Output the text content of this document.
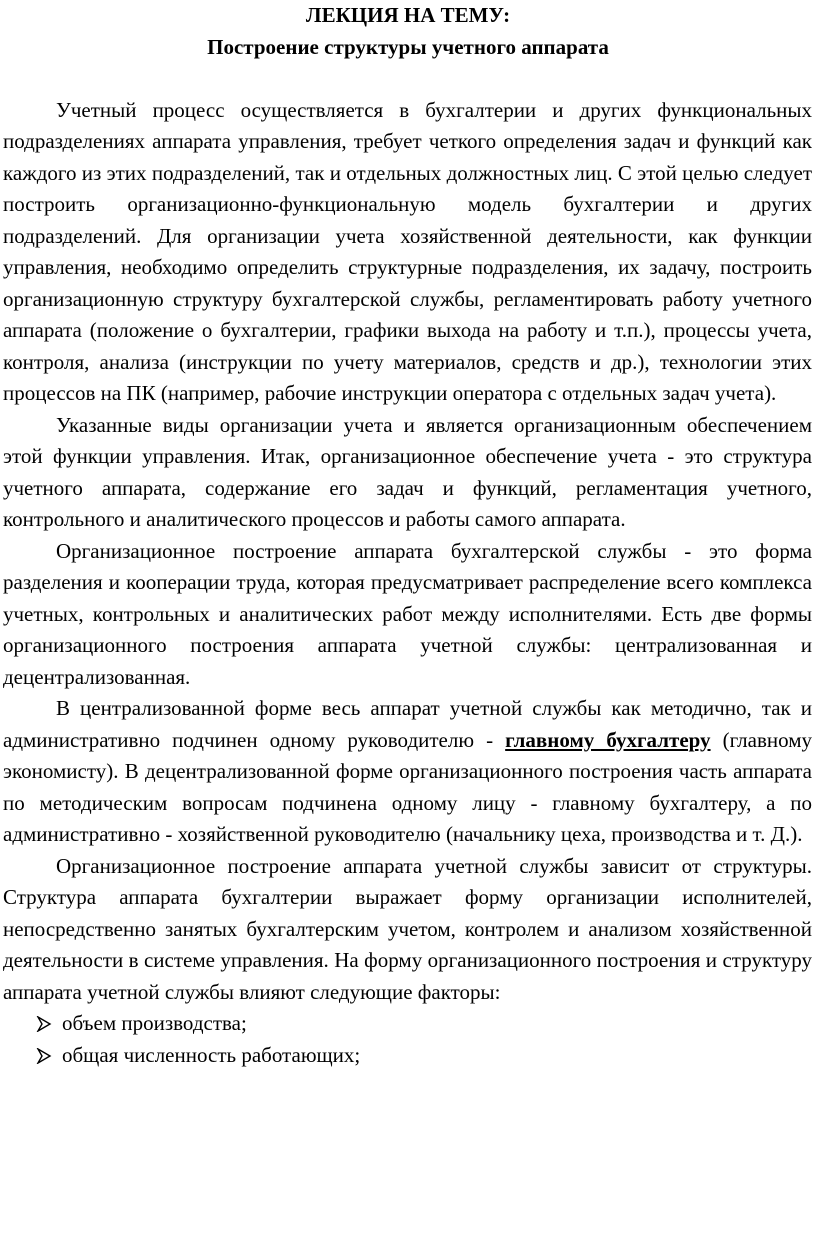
ЛЕКЦИЯ НА ТЕМУ:

Построение структуры учетного аппарата

Учетный процесс осуществляется в бухгалтерии и других функциональных подразделениях аппарата управления, требует четкого определения задач и функций как каждого из этих подразделений, так и отдельных должностных лиц. С этой целью следует построить организационно-функциональную модель бухгалтерии и других подразделений. Для организации учета хозяйственной деятельности, как функции управления, необходимо определить структурные подразделения, их задачу, построить организационную структуру бухгалтерской службы, регламентировать работу учетного аппарата (положение о бухгалтерии, графики выхода на работу и т.п.), процессы учета, контроля, анализа (инструкции по учету материалов, средств и др.), технологии этих процессов на ПК (например, рабочие инструкции оператора с отдельных задач учета).

Указанные виды организации учета и является организационным обеспечением этой функции управления. Итак, организационное обеспечение учета - это структура учетного аппарата, содержание его задач и функций, регламентация учетного, контрольного и аналитического процессов и работы самого аппарата.

Организационное построение аппарата бухгалтерской службы - это форма разделения и кооперации труда, которая предусматривает распределение всего комплекса учетных, контрольных и аналитических работ между исполнителями. Есть две формы организационного построения аппарата учетной службы: централизованная и децентрализованная.

В централизованной форме весь аппарат учетной службы как методично, так и административно подчинен одному руководителю - главному бухгалтеру (главному экономисту). В децентрализованной форме организационного построения часть аппарата по методическим вопросам подчинена одному лицу - главному бухгалтеру, а по административно - хозяйственной руководителю (начальнику цеха, производства и т. Д.).

Организационное построение аппарата учетной службы зависит от структуры. Структура аппарата бухгалтерии выражает форму организации исполнителей, непосредственно занятых бухгалтерским учетом, контролем и анализом хозяйственной деятельности в системе управления. На форму организационного построения и структуру аппарата учетной службы влияют следующие факторы:

объем производства;
общая численность работающих;
